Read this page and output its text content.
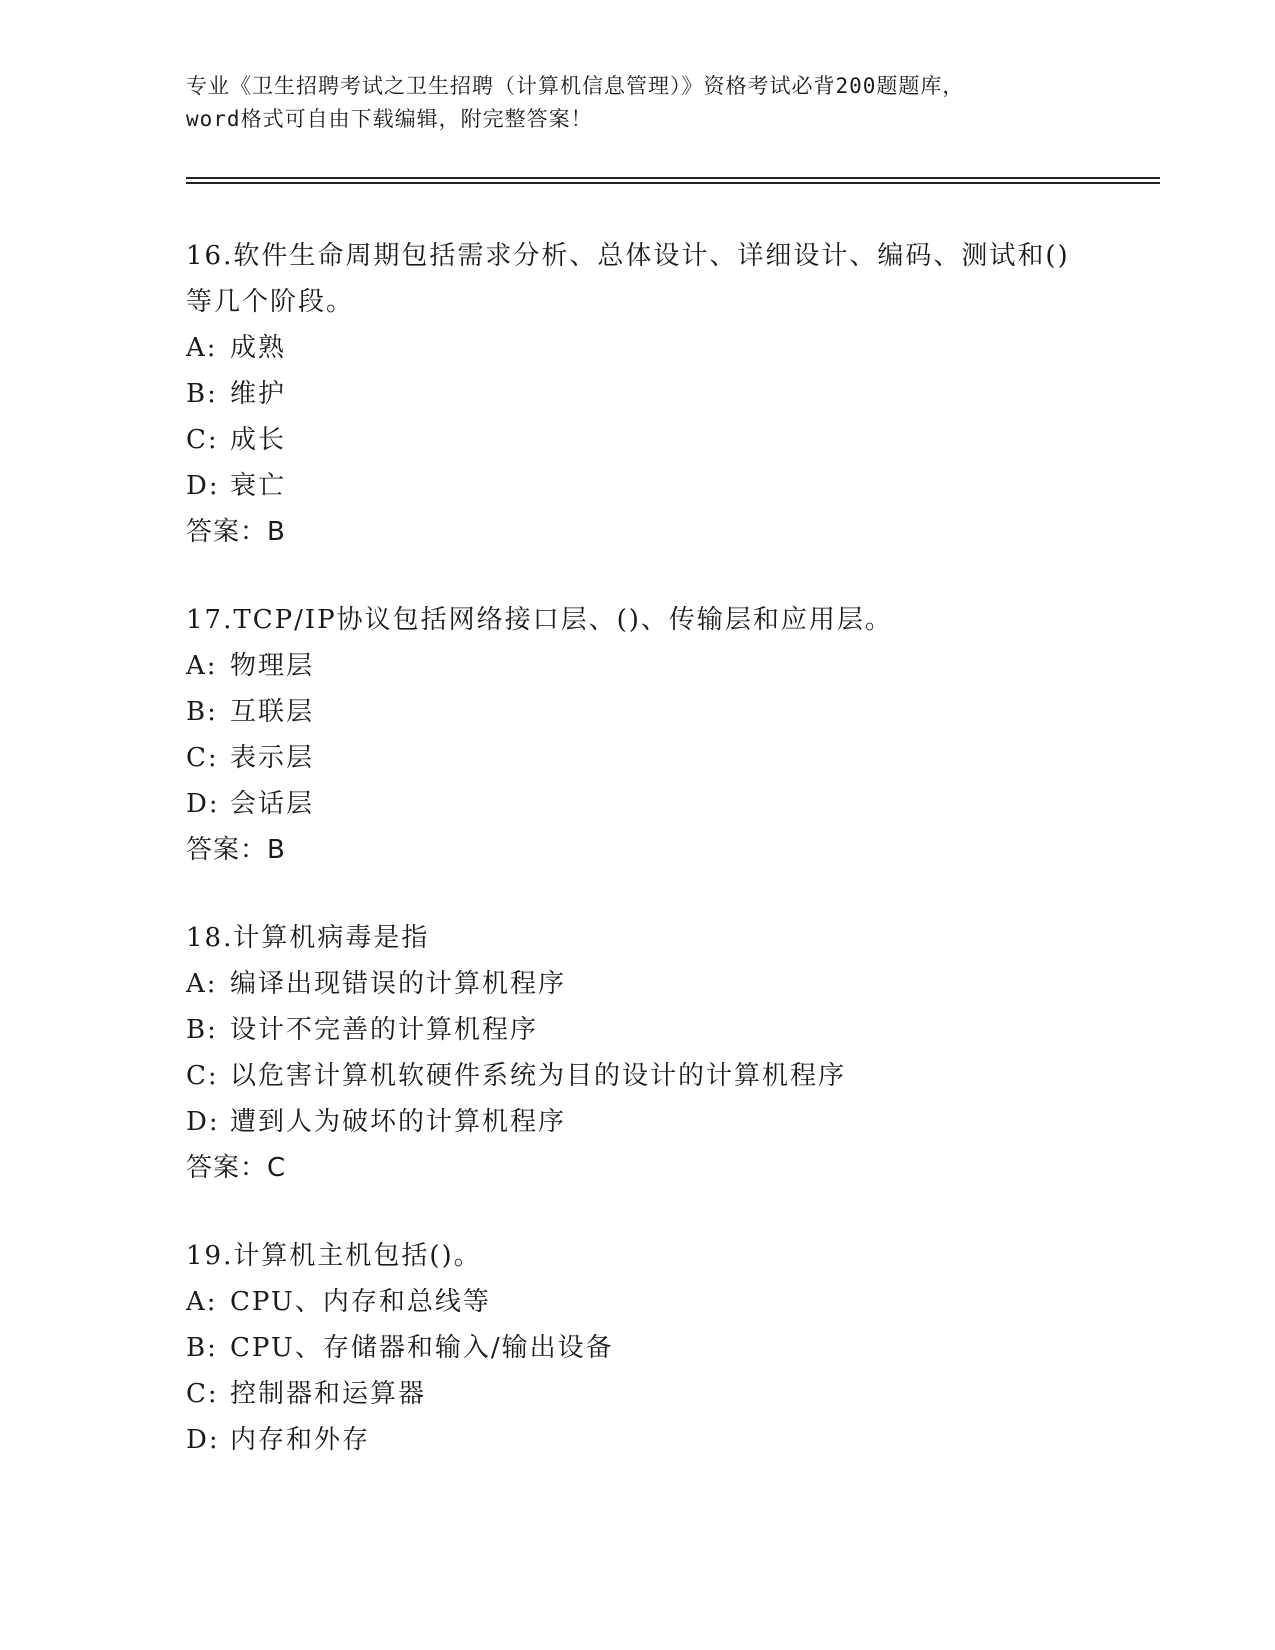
专业《卫生招聘考试之卫生招聘（计算机信息管理）》资格考试必背200题题库，
word格式可自由下载编辑，附完整答案！
16.软件生命周期包括需求分析、总体设计、详细设计、编码、测试和()等几个阶段。
A: 成熟
B: 维护
C: 成长
D: 衰亡
答案：B
17.TCP/IP协议包括网络接口层、()、传输层和应用层。
A: 物理层
B: 互联层
C: 表示层
D: 会话层
答案：B
18.计算机病毒是指
A: 编译出现错误的计算机程序
B: 设计不完善的计算机程序
C: 以危害计算机软硬件系统为目的设计的计算机程序
D: 遭到人为破坏的计算机程序
答案：C
19.计算机主机包括()。
A: CPU、内存和总线等
B: CPU、存储器和输入/输出设备
C: 控制器和运算器
D: 内存和外存
